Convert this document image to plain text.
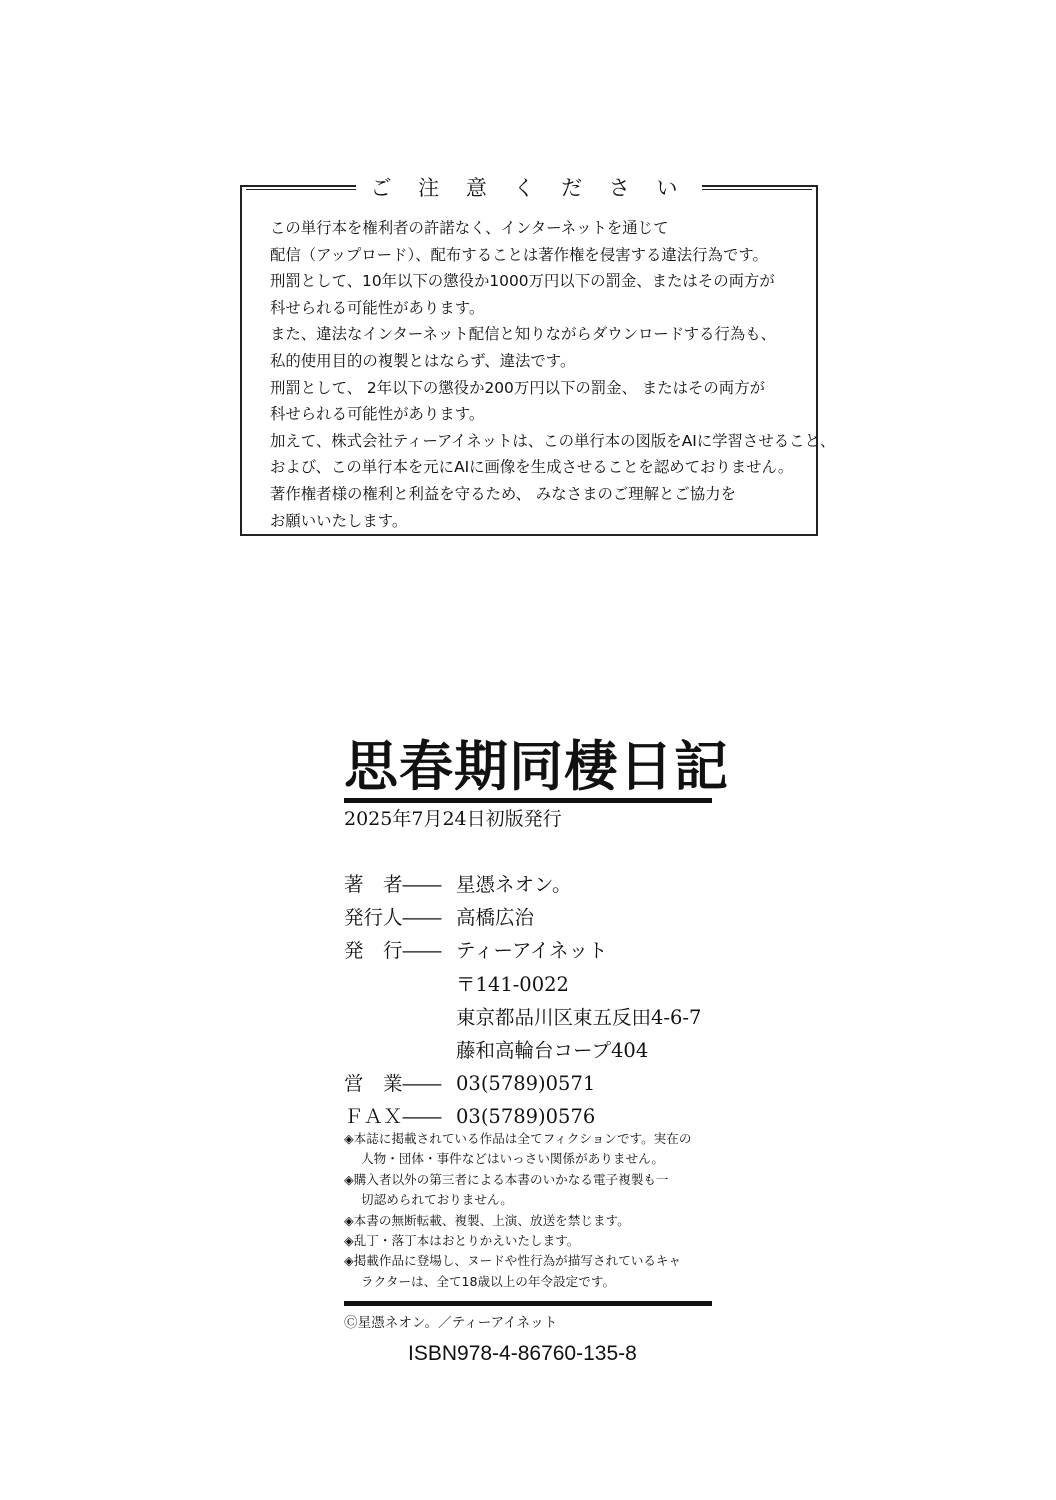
ご 注 意 く だ さ い
この単行本を権利者の許諾なく、インターネットを通じて
配信（アップロード）、配布することは著作権を侵害する違法行為です。
刑罰として、10年以下の懲役か1000万円以下の罰金、またはその両方が
科せられる可能性があります。
また、違法なインターネット配信と知りながらダウンロードする行為も、
私的使用目的の複製とはならず、違法です。
刑罰として、 2年以下の懲役か200万円以下の罰金、 またはその両方が
科せられる可能性があります。
加えて、株式会社ティーアイネットは、この単行本の図版をAIに学習させること、
および、この単行本を元にAIに画像を生成させることを認めておりません。
著作権者様の権利と利益を守るため、 みなさまのご理解とご協力を
お願いいたします。
思春期同棲日記
2025年7月24日初版発行
著　者―― 星憑ネオン。
発行人―― 高橋広治
発　行―― ティーアイネット
〒141-0022
東京都品川区東五反田4-6-7
藤和高輪台コープ404
営　業―― 03(5789)0571
ＦＡＸ―― 03(5789)0576
◈本誌に掲載されている作品は全てフィクションです。実在の
人物・団体・事件などはいっさい関係がありません。
◈購入者以外の第三者による本書のいかなる電子複製も一
切認められておりません。
◈本書の無断転載、複製、上演、放送を禁じます。
◈乱丁・落丁本はおとりかえいたします。
◈掲載作品に登場し、ヌードや性行為が描写されているキャ
ラクターは、全て18歳以上の年令設定です。
Ⓒ星憑ネオン。／ティーアイネット
ISBN978-4-86760-135-8
